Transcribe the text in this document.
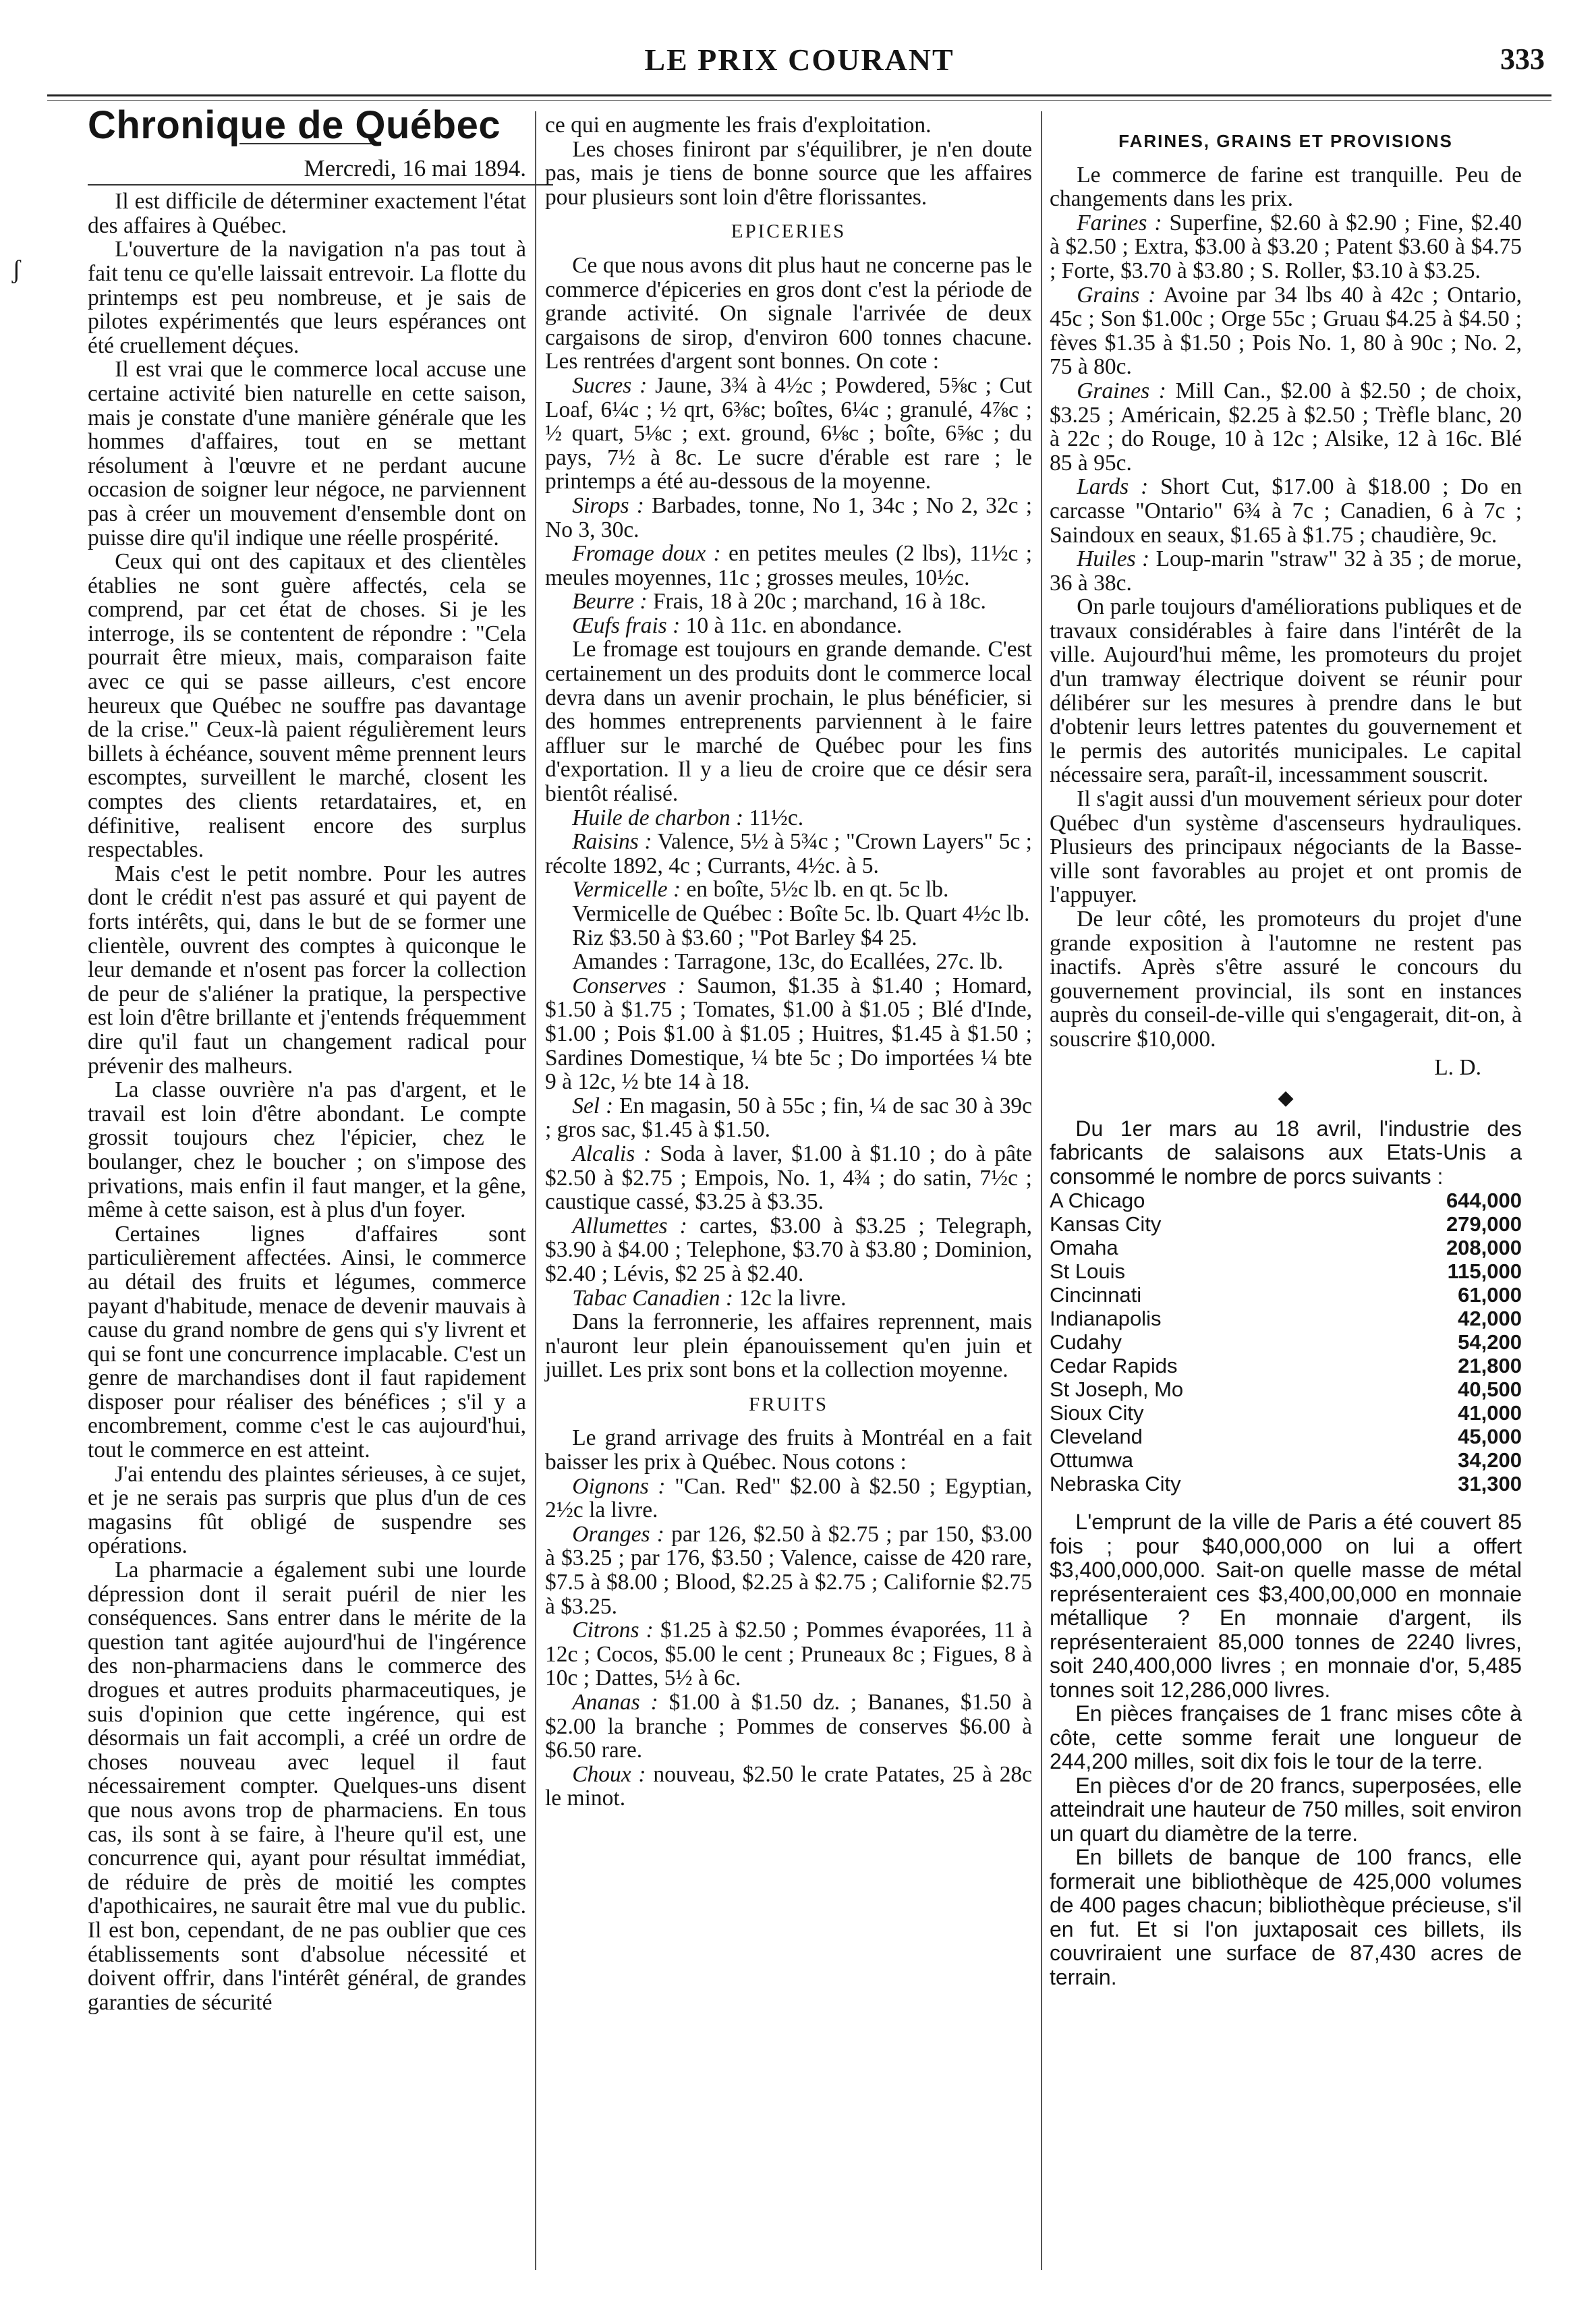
LE PRIX COURANT	333
ʃ
Chronique de Québec
Mercredi, 16 mai 1894.

Il est difficile de déterminer exactement l'état des affaires à Québec.

L'ouverture de la navigation n'a pas tout à fait tenu ce qu'elle laissait entrevoir. La flotte du printemps est peu nombreuse, et je sais de pilotes expérimentés que leurs espérances ont été cruellement déçues.

Il est vrai que le commerce local accuse une certaine activité bien naturelle en cette saison, mais je constate d'une manière générale que les hommes d'affaires, tout en se mettant résolument à l'œuvre et ne perdant aucune occasion de soigner leur négoce, ne parviennent pas à créer un mouvement d'ensemble dont on puisse dire qu'il indique une réelle prospérité.

Ceux qui ont des capitaux et des clientèles établies ne sont guère affectés, cela se comprend, par cet état de choses. Si je les interroge, ils se contentent de répondre : "Cela pourrait être mieux, mais, comparaison faite avec ce qui se passe ailleurs, c'est encore heureux que Québec ne souffre pas davantage de la crise." Ceux-là paient régulièrement leurs billets à échéance, souvent même prennent leurs escomptes, surveillent le marché, closent les comptes des clients retardataires, et, en définitive, realisent encore des surplus respectables.

Mais c'est le petit nombre. Pour les autres dont le crédit n'est pas assuré et qui payent de forts intérêts, qui, dans le but de se former une clientèle, ouvrent des comptes à quiconque le leur demande et n'osent pas forcer la collection de peur de s'aliéner la pratique, la perspective est loin d'être brillante et j'entends fréquemment dire qu'il faut un changement radical pour prévenir des malheurs.

La classe ouvrière n'a pas d'argent, et le travail est loin d'être abondant. Le compte grossit toujours chez l'épicier, chez le boulanger, chez le boucher ; on s'impose des privations, mais enfin il faut manger, et la gêne, même à cette saison, est à plus d'un foyer.

Certaines lignes d'affaires sont particulièrement affectées. Ainsi, le commerce au détail des fruits et légumes, commerce payant d'habitude, menace de devenir mauvais à cause du grand nombre de gens qui s'y livrent et qui se font une concurrence implacable. C'est un genre de marchandises dont il faut rapidement disposer pour réaliser des bénéfices ; s'il y a encombrement, comme c'est le cas aujourd'hui, tout le commerce en est atteint.

J'ai entendu des plaintes sérieuses, à ce sujet, et je ne serais pas surpris que plus d'un de ces magasins fût obligé de suspendre ses opérations.

La pharmacie a également subi une lourde dépression dont il serait puéril de nier les conséquences. Sans entrer dans le mérite de la question tant agitée aujourd'hui de l'ingérence des non-pharmaciens dans le commerce des drogues et autres produits pharmaceutiques, je suis d'opinion que cette ingérence, qui est désormais un fait accompli, a créé un ordre de choses nouveau avec lequel il faut nécessairement compter. Quelques-uns disent que nous avons trop de pharmaciens. En tous cas, ils sont à se faire, à l'heure qu'il est, une concurrence qui, ayant pour résultat immédiat, de réduire de près de moitié les comptes d'apothicaires, ne saurait être mal vue du public. Il est bon, cependant, de ne pas oublier que ces établissements sont d'absolue nécessité et doivent offrir, dans l'intérêt général, de grandes garanties de sécurité

ce qui en augmente les frais d'exploitation.

Les choses finiront par s'équilibrer, je n'en doute pas, mais je tiens de bonne source que les affaires pour plusieurs sont loin d'être florissantes.

EPICERIES

Ce que nous avons dit plus haut ne concerne pas le commerce d'épiceries en gros dont c'est la période de grande activité. On signale l'arrivée de deux cargaisons de sirop, d'environ 600 tonnes chacune. Les rentrées d'argent sont bonnes. On cote :

Sucres : Jaune, 3¾ à 4½c ; Powdered, 5⅝c ; Cut Loaf, 6¼c ; ½ qrt, 6⅜c; boîtes, 6¼c ; granulé, 4⅞c ; ½ quart, 5⅛c ; ext. ground, 6⅛c ; boîte, 6⅝c ; du pays, 7½ à 8c. Le sucre d'érable est rare ; le printemps a été au-dessous de la moyenne.

Sirops : Barbades, tonne, No 1, 34c ; No 2, 32c ; No 3, 30c.

Fromage doux : en petites meules (2 lbs), 11½c ; meules moyennes, 11c ; grosses meules, 10½c.

Beurre : Frais, 18 à 20c ; marchand, 16 à 18c.

Œufs frais : 10 à 11c. en abondance.

Le fromage est toujours en grande demande. C'est certainement un des produits dont le commerce local devra dans un avenir prochain, le plus bénéficier, si des hommes entreprenents parviennent à le faire affluer sur le marché de Québec pour les fins d'exportation. Il y a lieu de croire que ce désir sera bientôt réalisé.

Huile de charbon : 11½c.

Raisins : Valence, 5½ à 5¾c ; "Crown Layers" 5c ; récolte 1892, 4c ; Currants, 4½c. à 5.

Vermicelle : en boîte, 5½c lb. en qt. 5c lb.

Vermicelle de Québec : Boîte 5c. lb. Quart 4½c lb.

Riz $3.50 à $3.60 ; "Pot Barley $4 25.

Amandes : Tarragone, 13c, do Ecallées, 27c. lb.

Conserves : Saumon, $1.35 à $1.40 ; Homard, $1.50 à $1.75 ; Tomates, $1.00 à $1.05 ; Blé d'Inde, $1.00 ; Pois $1.00 à $1.05 ; Huitres, $1.45 à $1.50 ; Sardines Domestique, ¼ bte 5c ; Do importées ¼ bte 9 à 12c, ½ bte 14 à 18.

Sel : En magasin, 50 à 55c ; fin, ¼ de sac 30 à 39c ; gros sac, $1.45 à $1.50.

Alcalis : Soda à laver, $1.00 à $1.10 ; do à pâte $2.50 à $2.75 ; Empois, No. 1, 4¾ ; do satin, 7½c ; caustique cassé, $3.25 à $3.35.

Allumettes : cartes, $3.00 à $3.25 ; Telegraph, $3.90 à $4.00 ; Telephone, $3.70 à $3.80 ; Dominion, $2.40 ; Lévis, $2 25 à $2.40.

Tabac Canadien : 12c la livre.

Dans la ferronnerie, les affaires reprennent, mais n'auront leur plein épanouissement qu'en juin et juillet. Les prix sont bons et la collection moyenne.

FRUITS

Le grand arrivage des fruits à Montréal en a fait baisser les prix à Québec. Nous cotons :

Oignons : "Can. Red" $2.00 à $2.50 ; Egyptian, 2½c la livre.

Oranges : par 126, $2.50 à $2.75 ; par 150, $3.00 à $3.25 ; par 176, $3.50 ; Valence, caisse de 420 rare, $7.5 à $8.00 ; Blood, $2.25 à $2.75 ; Californie $2.75 à $3.25.

Citrons : $1.25 à $2.50 ; Pommes évaporées, 11 à 12c ; Cocos, $5.00 le cent ; Pruneaux 8c ; Figues, 8 à 10c ; Dattes, 5½ à 6c.

Ananas : $1.00 à $1.50 dz. ; Bananes, $1.50 à $2.00 la branche ; Pommes de conserves $6.00 à $6.50 rare.

Choux : nouveau, $2.50 le crate Patates, 25 à 28c le minot.

FARINES, GRAINS ET PROVISIONS

Le commerce de farine est tranquille. Peu de changements dans les prix.

Farines : Superfine, $2.60 à $2.90 ; Fine, $2.40 à $2.50 ; Extra, $3.00 à $3.20 ; Patent $3.60 à $4.75 ; Forte, $3.70 à $3.80 ; S. Roller, $3.10 à $3.25.

Grains : Avoine par 34 lbs 40 à 42c ; Ontario, 45c ; Son $1.00c ; Orge 55c ; Gruau $4.25 à $4.50 ; fèves $1.35 à $1.50 ; Pois No. 1, 80 à 90c ; No. 2, 75 à 80c.

Graines : Mill Can., $2.00 à $2.50 ; de choix, $3.25 ; Américain, $2.25 à $2.50 ; Trèfle blanc, 20 à 22c ; do Rouge, 10 à 12c ; Alsike, 12 à 16c. Blé 85 à 95c.

Lards : Short Cut, $17.00 à $18.00 ; Do en carcasse "Ontario" 6¾ à 7c ; Canadien, 6 à 7c ; Saindoux en seaux, $1.65 à $1.75 ; chaudière, 9c.

Huiles : Loup-marin "straw" 32 à 35 ; de morue, 36 à 38c.

On parle toujours d'améliorations publiques et de travaux considérables à faire dans l'intérêt de la ville. Aujourd'hui même, les promoteurs du projet d'un tramway électrique doivent se réunir pour délibérer sur les mesures à prendre dans le but d'obtenir leurs lettres patentes du gouvernement et le permis des autorités municipales. Le capital nécessaire sera, paraît-il, incessamment souscrit.

Il s'agit aussi d'un mouvement sérieux pour doter Québec d'un système d'ascenseurs hydrauliques. Plusieurs des principaux négociants de la Basse-ville sont favorables au projet et ont promis de l'appuyer.

De leur côté, les promoteurs du projet d'une grande exposition à l'automne ne restent pas inactifs. Après s'être assuré le concours du gouvernement provincial, ils sont en instances auprès du conseil-de-ville qui s'engagerait, dit-on, à souscrire $10,000.

L. D.
◆

Du 1er mars au 18 avril, l'industrie des fabricants de salaisons aux Etats-Unis a consommé le nombre de porcs suivants :

A Chicago	644,000
Kansas City	279,000
Omaha	208,000
St Louis	115,000
Cincinnati	61,000
Indianapolis	42,000
Cudahy	54,200
Cedar Rapids	21,800
St Joseph, Mo	40,500
Sioux City	41,000
Cleveland	45,000
Ottumwa	34,200
Nebraska City	31,300

L'emprunt de la ville de Paris a été couvert 85 fois ; pour $40,000,000 on lui a offert $3,400,000,000. Sait-on quelle masse de métal représenteraient ces $3,400,00,000 en monnaie métallique ? En monnaie d'argent, ils représenteraient 85,000 tonnes de 2240 livres, soit 240,400,000 livres ; en monnaie d'or, 5,485 tonnes soit 12,286,000 livres.

En pièces françaises de 1 franc mises côte à côte, cette somme ferait une longueur de 244,200 milles, soit dix fois le tour de la terre.

En pièces d'or de 20 francs, superposées, elle atteindrait une hauteur de 750 milles, soit environ un quart du diamètre de la terre.

En billets de banque de 100 francs, elle formerait une bibliothèque de 425,000 volumes de 400 pages chacun; bibliothèque précieuse, s'il en fut. Et si l'on juxtaposait ces billets, ils couvriraient une surface de 87,430 acres de terrain.
